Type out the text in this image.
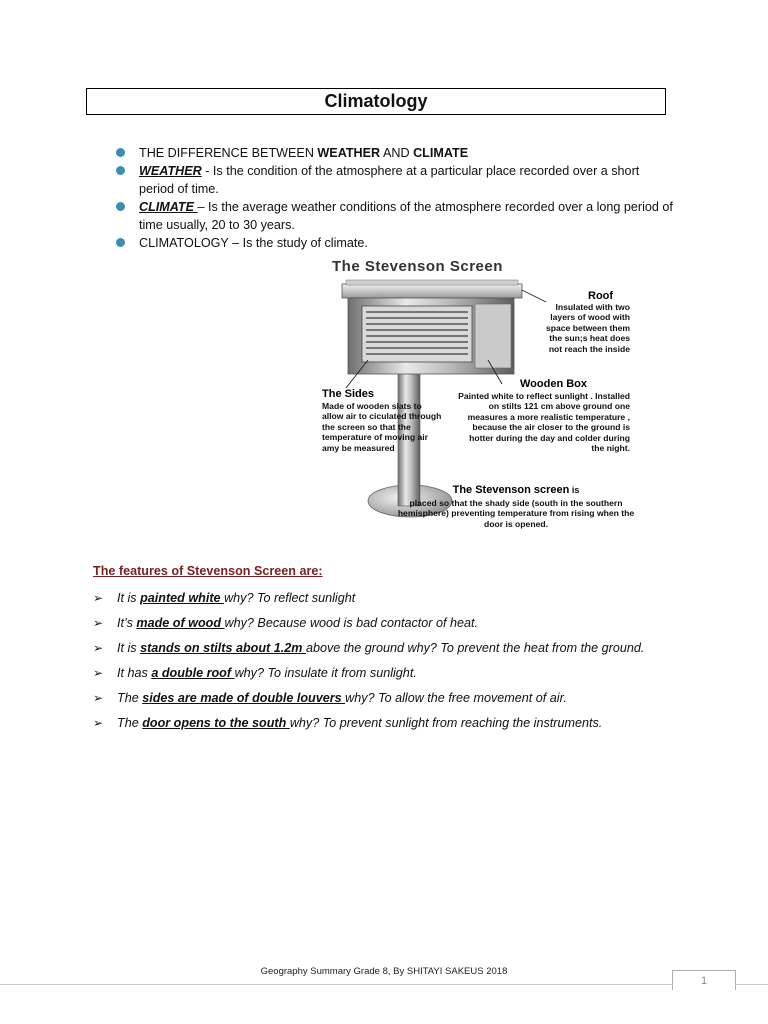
Climatology
THE DIFFERENCE BETWEEN WEATHER AND CLIMATE
WEATHER - Is the condition of the atmosphere at a particular place recorded over a short period of time.
CLIMATE – Is the average weather conditions of the atmosphere recorded over a long period of time usually, 20 to 30 years.
CLIMATOLOGY – Is the study of climate.
The Stevenson Screen
Roof
Insulated with two layers of wood with space between them the sun;s heat does not reach the inside
The Sides
Made of wooden slats to allow air to ciculated through the screen so that the temperature of moving air amy be measured
Wooden Box
Painted white to reflect sunlight . Installed on stilts 121 cm above ground one measures a more realistic temperature , because the air closer to the ground is hotter during the day and colder during the night.
The Stevenson screen is
placed so that the shady side (south in the southern hemisphere) preventing temperature from rising when the door is opened.
The features of Stevenson Screen are:
➢ It is painted white why? To reflect sunlight
➢ It’s made of wood why? Because wood is bad contactor of heat.
➢ It is stands on stilts about 1.2m above the ground why? To prevent the heat from the ground.
➢ It has a double roof why? To insulate it from sunlight.
➢ The sides are made of double louvers why? To allow the free movement of air.
➢ The door opens to the south why? To prevent sunlight from reaching the instruments.
Geography Summary Grade 8, By SHITAYI SAKEUS 2018
1
